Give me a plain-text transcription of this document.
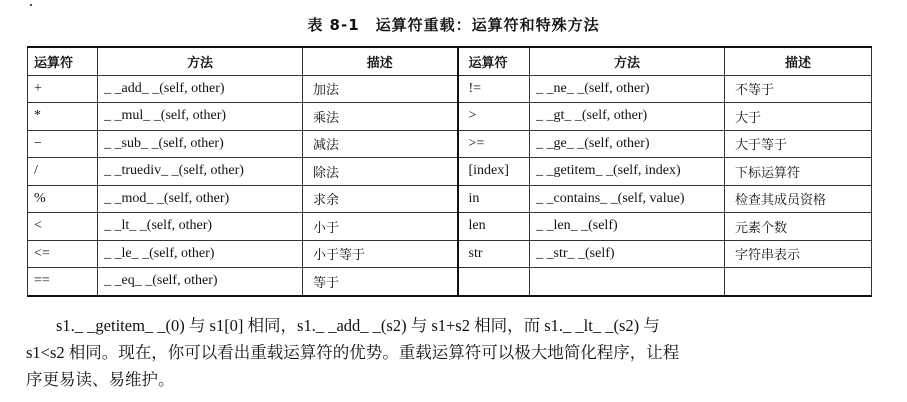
表 8-1　运算符重载：运算符和特殊方法
运算符	方法	描述	运算符	方法	描述
+	_ _add_ _(self, other)	加法	!=	_ _ne_ _(self, other)	不等于
*	_ _mul_ _(self, other)	乘法	>	_ _gt_ _(self, other)	大于
−	_ _sub_ _(self, other)	减法	>=	_ _ge_ _(self, other)	大于等于
/	_ _truediv_ _(self, other)	除法	[index]	_ _getitem_ _(self, index)	下标运算符
%	_ _mod_ _(self, other)	求余	in	_ _contains_ _(self, value)	检查其成员资格
<	_ _lt_ _(self, other)	小于	len	_ _len_ _(self)	元素个数
<=	_ _le_ _(self, other)	小于等于	str	_ _str_ _(self)	字符串表示
==	_ _eq_ _(self, other)	等于			

s1._ _getitem_ _(0) 与 s1[0] 相同，s1._ _add_ _(s2) 与 s1+s2 相同，而 s1._ _lt_ _(s2) 与

s1<s2 相同。现在，你可以看出重载运算符的优势。重载运算符可以极大地简化程序，让程

序更易读、易维护。
